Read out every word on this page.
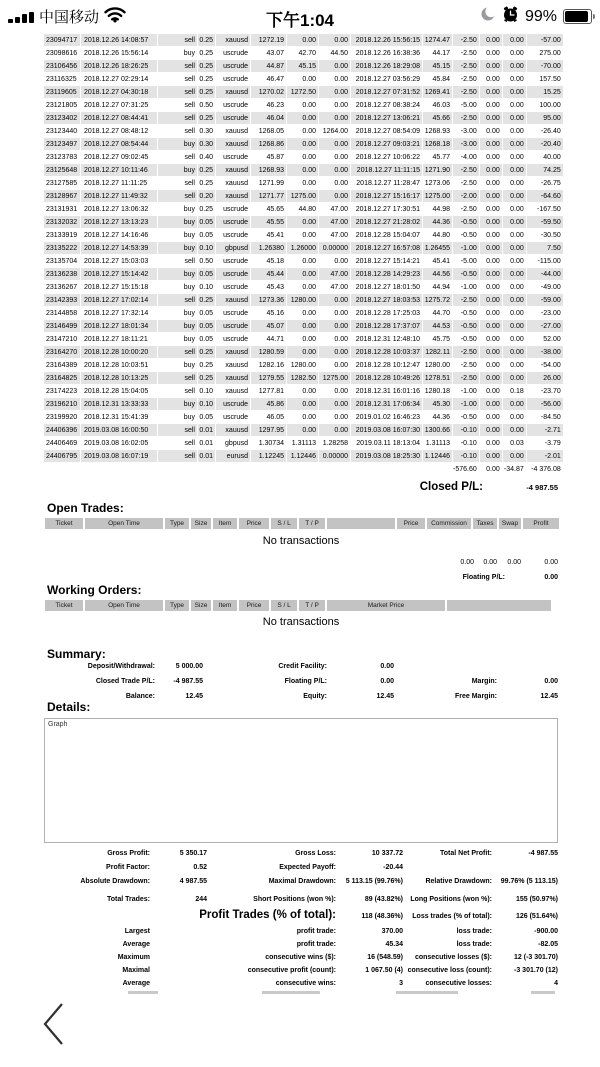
中国移动	下午1:04	99%
23094717	2018.12.26 14:08:57	sell	0.25	xauusd	1272.19	0.00	0.00	2018.12.26 15:56:15	1274.47	-2.50	0.00	0.00	-57.00
23098616	2018.12.26 15:56:14	buy	0.25	uscrude	43.07	42.70	44.50	2018.12.26 16:38:36	44.17	-2.50	0.00	0.00	275.00
23106456	2018.12.26 18:26:25	sell	0.25	uscrude	44.87	45.15	0.00	2018.12.26 18:29:08	45.15	-2.50	0.00	0.00	-70.00
23116325	2018.12.27 02:29:14	sell	0.25	uscrude	46.47	0.00	0.00	2018.12.27 03:56:29	45.84	-2.50	0.00	0.00	157.50
23119605	2018.12.27 04:30:18	sell	0.25	xauusd	1270.02	1272.50	0.00	2018.12.27 07:31:52	1269.41	-2.50	0.00	0.00	15.25
23121805	2018.12.27 07:31:25	sell	0.50	uscrude	46.23	0.00	0.00	2018.12.27 08:38:24	46.03	-5.00	0.00	0.00	100.00
23123402	2018.12.27 08:44:41	sell	0.25	uscrude	46.04	0.00	0.00	2018.12.27 13:06:21	45.66	-2.50	0.00	0.00	95.00
23123440	2018.12.27 08:48:12	sell	0.30	xauusd	1268.05	0.00	1264.00	2018.12.27 08:54:09	1268.93	-3.00	0.00	0.00	-26.40
23123497	2018.12.27 08:54:44	buy	0.30	xauusd	1268.86	0.00	0.00	2018.12.27 09:03:21	1268.18	-3.00	0.00	0.00	-20.40
23123783	2018.12.27 09:02:45	sell	0.40	uscrude	45.87	0.00	0.00	2018.12.27 10:06:22	45.77	-4.00	0.00	0.00	40.00
23125648	2018.12.27 10:11:46	buy	0.25	xauusd	1268.93	0.00	0.00	2018.12.27 11:11:15	1271.90	-2.50	0.00	0.00	74.25
23127585	2018.12.27 11:11:25	sell	0.25	xauusd	1271.99	0.00	0.00	2018.12.27 11:28:47	1273.06	-2.50	0.00	0.00	-26.75
23128967	2018.12.27 11:49:32	sell	0.20	xauusd	1271.77	1275.00	0.00	2018.12.27 15:16:17	1275.00	-2.00	0.00	0.00	-64.60
23131931	2018.12.27 13:06:32	buy	0.25	uscrude	45.65	44.80	47.00	2018.12.27 17:30:51	44.98	-2.50	0.00	0.00	-167.50
23132032	2018.12.27 13:13:23	buy	0.05	uscrude	45.55	0.00	47.00	2018.12.27 21:28:02	44.36	-0.50	0.00	0.00	-59.50
23133919	2018.12.27 14:16:46	buy	0.05	uscrude	45.41	0.00	47.00	2018.12.28 15:04:07	44.80	-0.50	0.00	0.00	-30.50
23135222	2018.12.27 14:53:39	buy	0.10	gbpusd	1.26380	1.26000	0.00000	2018.12.27 16:57:08	1.26455	-1.00	0.00	0.00	7.50
23135704	2018.12.27 15:03:03	sell	0.50	uscrude	45.18	0.00	0.00	2018.12.27 15:14:21	45.41	-5.00	0.00	0.00	-115.00
23136238	2018.12.27 15:14:42	buy	0.05	uscrude	45.44	0.00	47.00	2018.12.28 14:29:23	44.56	-0.50	0.00	0.00	-44.00
23136267	2018.12.27 15:15:18	buy	0.10	uscrude	45.43	0.00	47.00	2018.12.27 18:01:50	44.94	-1.00	0.00	0.00	-49.00
23142393	2018.12.27 17:02:14	sell	0.25	xauusd	1273.36	1280.00	0.00	2018.12.27 18:03:53	1275.72	-2.50	0.00	0.00	-59.00
23144858	2018.12.27 17:32:14	buy	0.05	uscrude	45.16	0.00	0.00	2018.12.28 17:25:03	44.70	-0.50	0.00	0.00	-23.00
23146499	2018.12.27 18:01:34	buy	0.05	uscrude	45.07	0.00	0.00	2018.12.28 17:37:07	44.53	-0.50	0.00	0.00	-27.00
23147210	2018.12.27 18:11:21	buy	0.05	uscrude	44.71	0.00	0.00	2018.12.31 12:48:10	45.75	-0.50	0.00	0.00	52.00
23164270	2018.12.28 10:00:20	sell	0.25	xauusd	1280.59	0.00	0.00	2018.12.28 10:03:37	1282.11	-2.50	0.00	0.00	-38.00
23164389	2018.12.28 10:03:51	buy	0.25	xauusd	1282.16	1280.00	0.00	2018.12.28 10:12:47	1280.00	-2.50	0.00	0.00	-54.00
23164825	2018.12.28 10:13:25	sell	0.25	xauusd	1279.55	1282.50	1275.00	2018.12.28 10:49:26	1278.51	-2.50	0.00	0.00	26.00
23174223	2018.12.28 15:04:05	sell	0.10	xauusd	1277.81	0.00	0.00	2018.12.31 16:01:16	1280.18	-1.00	0.00	0.18	-23.70
23196210	2018.12.31 13:33:33	buy	0.10	uscrude	45.86	0.00	0.00	2018.12.31 17:06:34	45.30	-1.00	0.00	0.00	-56.00
23199920	2018.12.31 15:41:39	buy	0.05	uscrude	46.05	0.00	0.00	2019.01.02 16:46:23	44.36	-0.50	0.00	0.00	-84.50
24406396	2019.03.08 16:00:50	sell	0.01	xauusd	1297.95	0.00	0.00	2019.03.08 16:07:30	1300.66	-0.10	0.00	0.00	-2.71
24406469	2019.03.08 16:02:05	sell	0.01	gbpusd	1.30734	1.31113	1.28258	2019.03.11 18:13:04	1.31113	-0.10	0.00	0.03	-3.79
24406795	2019.03.08 16:07:19	sell	0.01	eurusd	1.12245	1.12446	0.00000	2019.03.08 18:25:30	1.12446	-0.10	0.00	0.00	-2.01
										-576.60	0.00	-34.87	-4 376.08
Closed P/L:	-4 987.55
Open Trades:
Ticket	Open Time	Type	Size	Item	Price	S / L	T / P		Price	Commission	Taxes	Swap	Profit
No transactions
0.00 0.00 0.00	0.00
Floating P/L:	0.00
Working Orders:
Ticket	Open Time	Type	Size	Item	Price	S / L	T / P	Market Price	
No transactions
Summary:
Deposit/Withdrawal:	5 000.00	Credit Facility:	0.00
Closed Trade P/L:	-4 987.55	Floating P/L:	0.00	Margin:	0.00
Balance:	12.45	Equity:	12.45	Free Margin:	12.45
Details:
Graph
Gross Profit:	5 350.17	Gross Loss:	10 337.72	Total Net Profit:	-4 987.55
Profit Factor:	0.52	Expected Payoff:	-20.44
Absolute Drawdown:	4 987.55	Maximal Drawdown:	5 113.15 (99.76%)	Relative Drawdown:	99.76% (5 113.15)
Total Trades:	244	Short Positions (won %):	89 (43.82%)	Long Positions (won %):	155 (50.97%)
Profit Trades (% of total):	118 (48.36%)	Loss trades (% of total):	126 (51.64%)
Largest	profit trade:	370.00	loss trade:	-900.00
Average	profit trade:	45.34	loss trade:	-82.05
Maximum	consecutive wins ($):	16 (548.59)	consecutive losses ($):	12 (-3 301.70)
Maximal	consecutive profit (count):	1 067.50 (4) consecutive loss (count):	-3 301.70 (12)
Average	consecutive wins:	3	consecutive losses:	4
